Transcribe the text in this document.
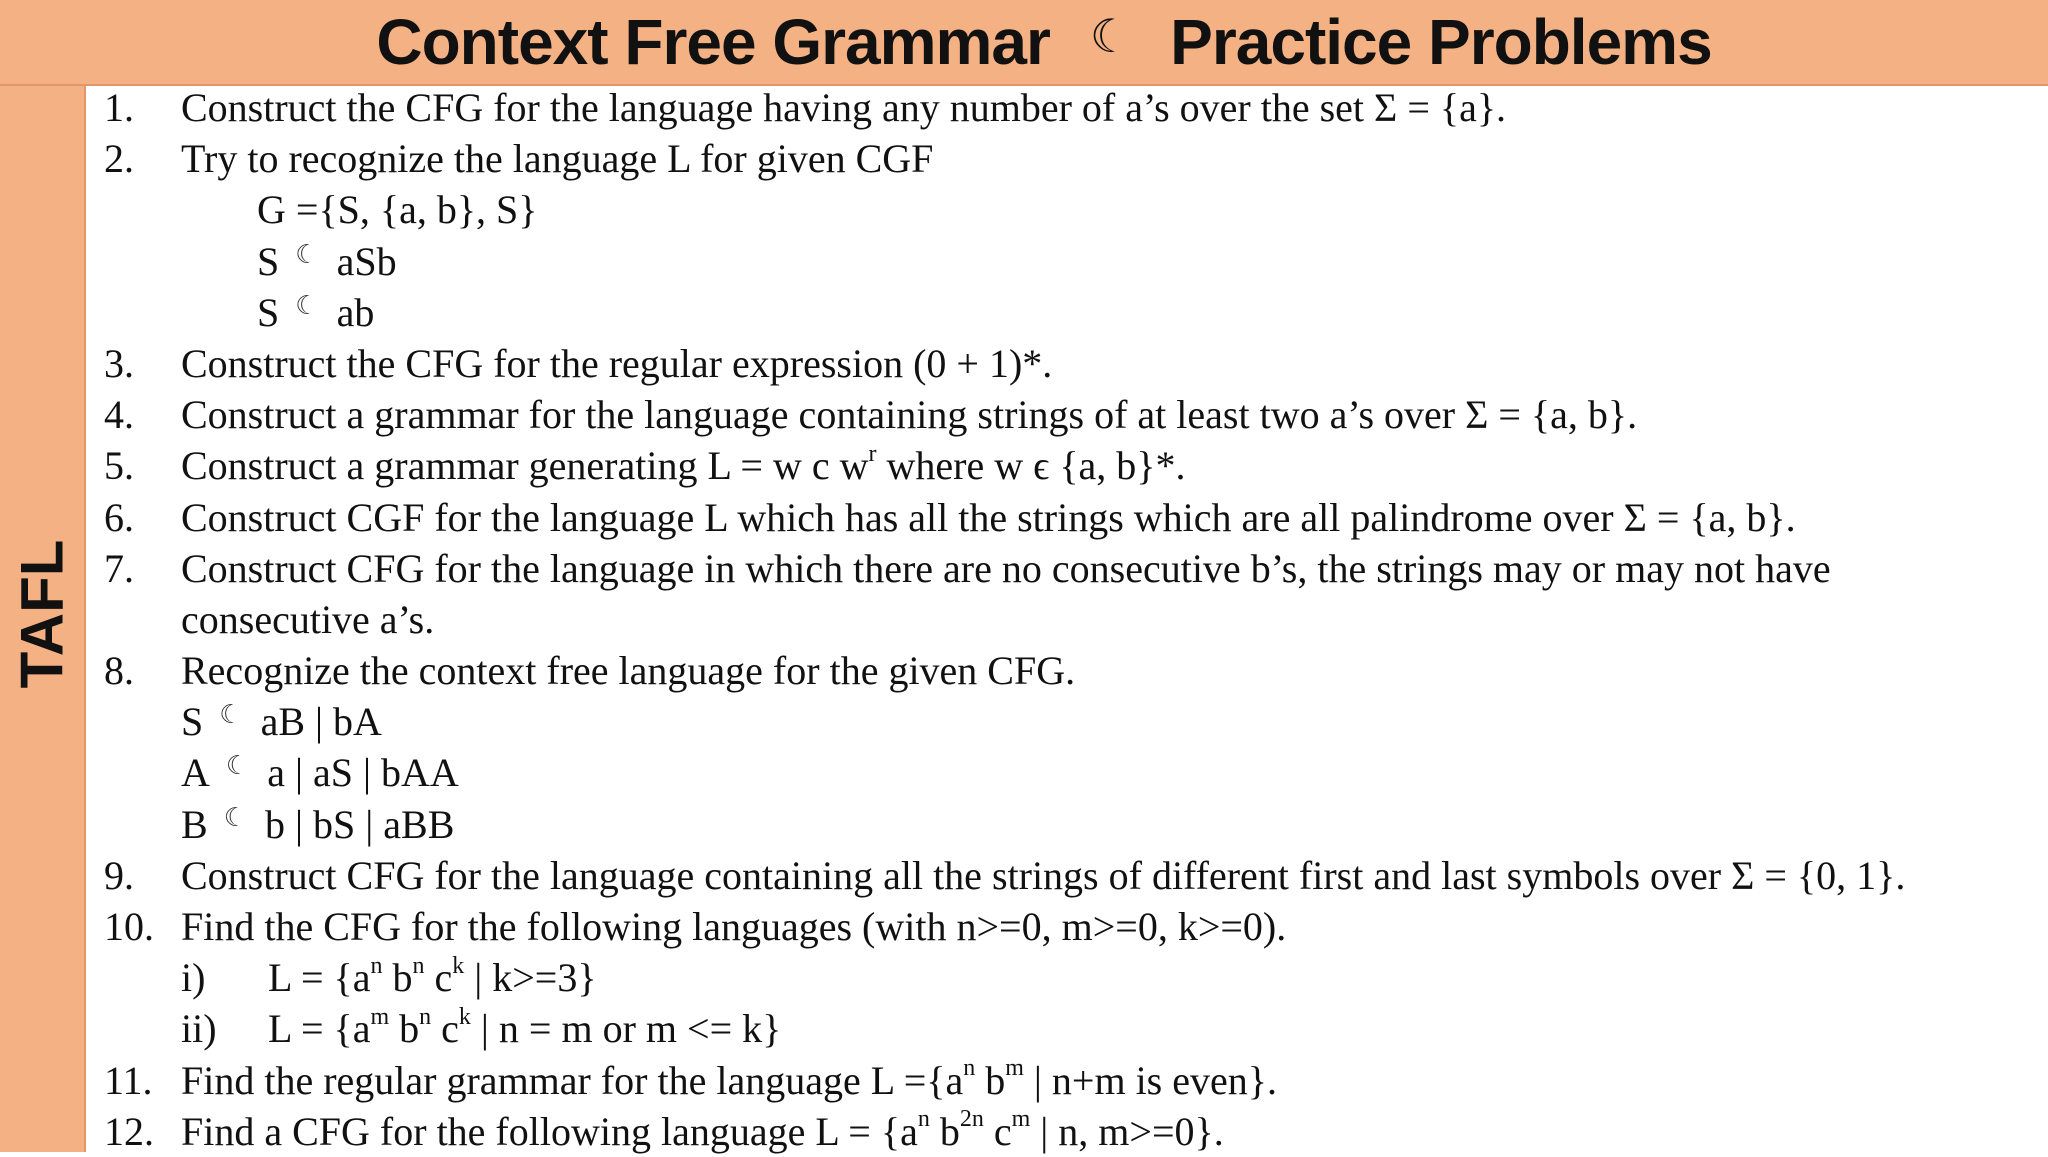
Context Free Grammar ☾ Practice Problems
TAFL
1. Construct the CFG for the language having any number of a’s over the set Σ = {a}.
2. Try to recognize the language L for given CGF
G ={S, {a, b}, S}
S ☾ aSb
S ☾ ab
3. Construct the CFG for the regular expression (0 + 1)*.
4. Construct a grammar for the language containing strings of at least two a’s over Σ = {a, b}.
5. Construct a grammar generating L = w c $w^r$ where w ϵ {a, b}*.
6. Construct CGF for the language L which has all the strings which are all palindrome over Σ = {a, b}.
7. Construct CFG for the language in which there are no consecutive b’s, the strings may or may not have
consecutive a’s.
8. Recognize the context free language for the given CFG.
S ☾ aB | bA
A ☾ a | aS | bAA
B ☾ b | bS | aBB
9. Construct CFG for the language containing all the strings of different first and last symbols over Σ = {0, 1}.
10. Find the CFG for the following languages (with n>=0, m>=0, k>=0).
i) $L = \{a^n$ $b^n$ $c^k$ | k>=3}
ii) $L = \{a^m$ $b^n$ $c^k$ | n = m or m <= k}
11. Find the regular grammar for the language $L =\{a^n$ $b^m$ | n+m is even}.
12. Find a CFG for the following language $L = \{a^n$ $b^{2n}$ $c^m$ | n, m>=0}.
